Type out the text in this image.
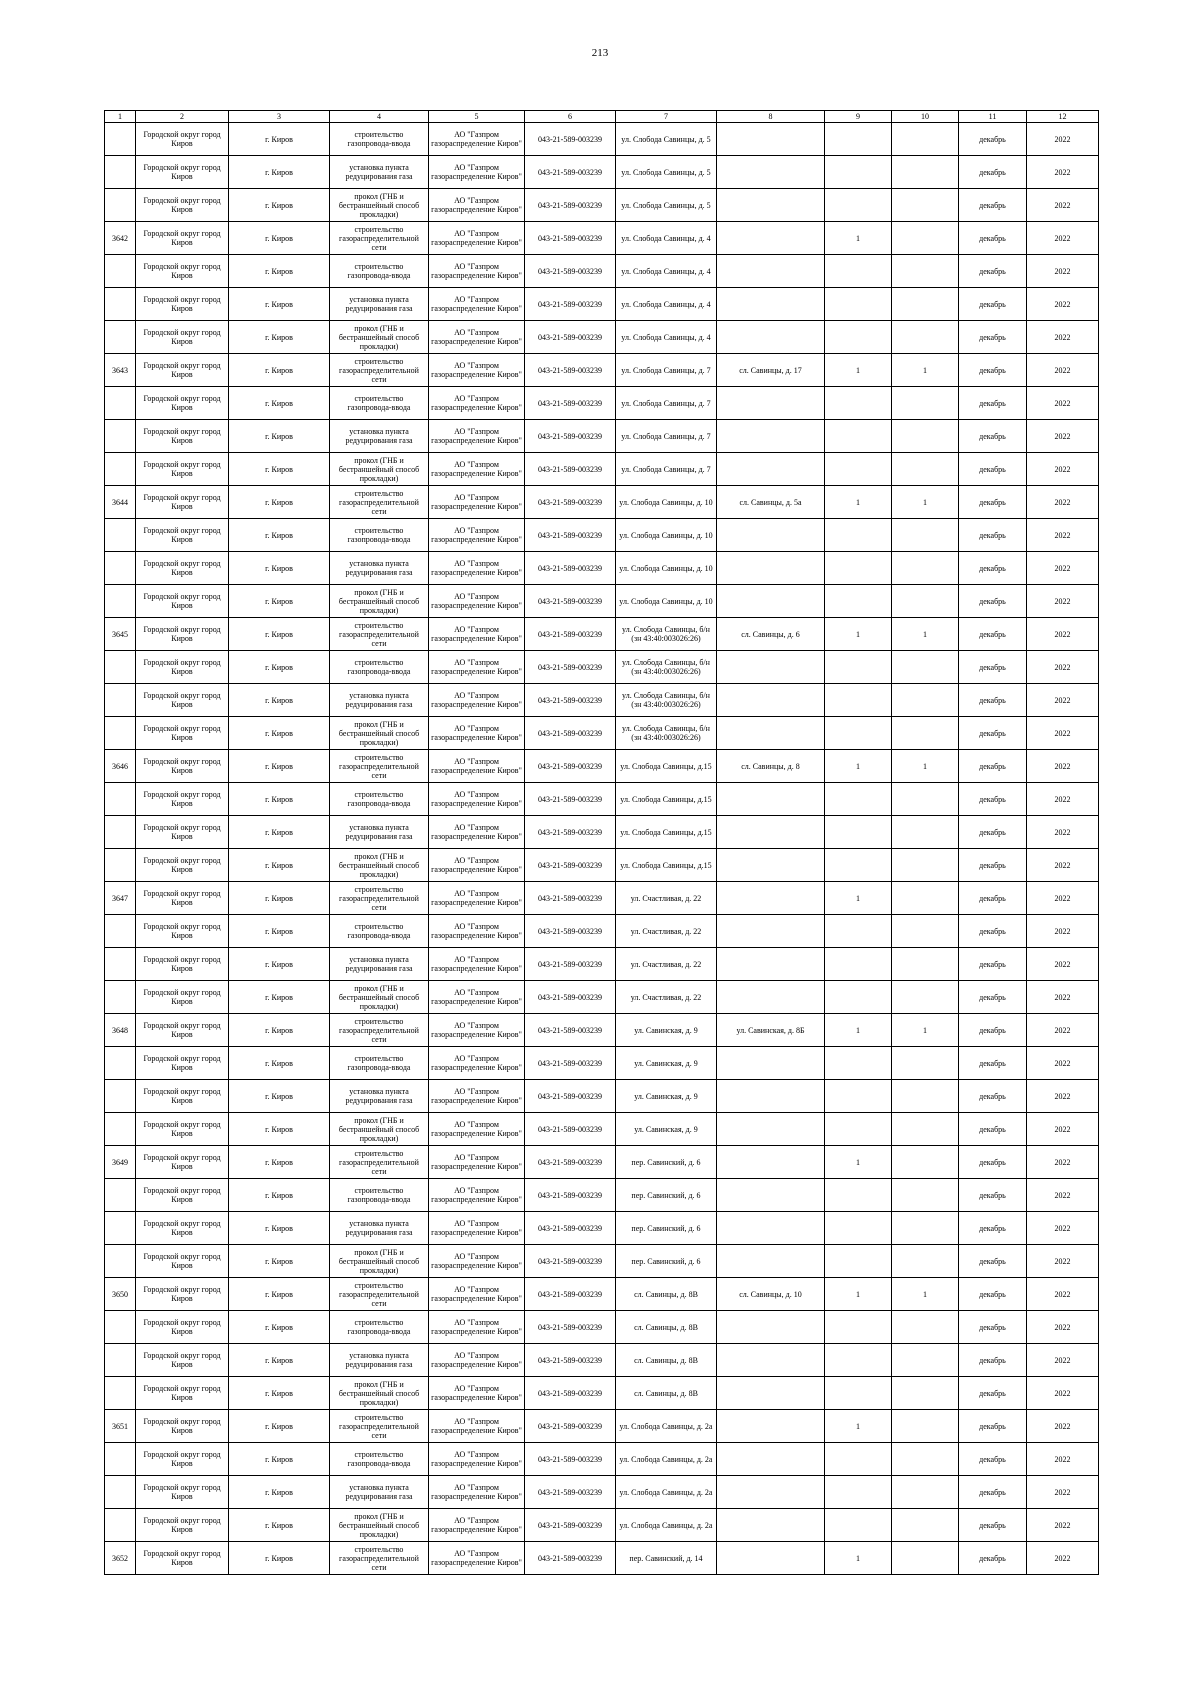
213
1	2	3	4	5	6	7	8	9	10	11	12
	Городской округ город Киров	г. Киров	строительство газопровода-ввода	АО "Газпром газораспределение Киров"	043-21-589-003239	ул. Слобода Савинцы, д. 5				декабрь	2022
	Городской округ город Киров	г. Киров	установка пункта редуцирования газа	АО "Газпром газораспределение Киров"	043-21-589-003239	ул. Слобода Савинцы, д. 5				декабрь	2022
	Городской округ город Киров	г. Киров	прокол (ГНБ и бестраншейный способ прокладки)	АО "Газпром газораспределение Киров"	043-21-589-003239	ул. Слобода Савинцы, д. 5				декабрь	2022
3642	Городской округ город Киров	г. Киров	строительство газораспределительной сети	АО "Газпром газораспределение Киров"	043-21-589-003239	ул. Слобода Савинцы, д. 4		1		декабрь	2022
	Городской округ город Киров	г. Киров	строительство газопровода-ввода	АО "Газпром газораспределение Киров"	043-21-589-003239	ул. Слобода Савинцы, д. 4				декабрь	2022
	Городской округ город Киров	г. Киров	установка пункта редуцирования газа	АО "Газпром газораспределение Киров"	043-21-589-003239	ул. Слобода Савинцы, д. 4				декабрь	2022
	Городской округ город Киров	г. Киров	прокол (ГНБ и бестраншейный способ прокладки)	АО "Газпром газораспределение Киров"	043-21-589-003239	ул. Слобода Савинцы, д. 4				декабрь	2022
3643	Городской округ город Киров	г. Киров	строительство газораспределительной сети	АО "Газпром газораспределение Киров"	043-21-589-003239	ул. Слобода Савинцы, д. 7	сл. Савинцы, д. 17	1	1	декабрь	2022
	Городской округ город Киров	г. Киров	строительство газопровода-ввода	АО "Газпром газораспределение Киров"	043-21-589-003239	ул. Слобода Савинцы, д. 7				декабрь	2022
	Городской округ город Киров	г. Киров	установка пункта редуцирования газа	АО "Газпром газораспределение Киров"	043-21-589-003239	ул. Слобода Савинцы, д. 7				декабрь	2022
	Городской округ город Киров	г. Киров	прокол (ГНБ и бестраншейный способ прокладки)	АО "Газпром газораспределение Киров"	043-21-589-003239	ул. Слобода Савинцы, д. 7				декабрь	2022
3644	Городской округ город Киров	г. Киров	строительство газораспределительной сети	АО "Газпром газораспределение Киров"	043-21-589-003239	ул. Слобода Савинцы, д. 10	сл. Савинцы, д. 5а	1	1	декабрь	2022
	Городской округ город Киров	г. Киров	строительство газопровода-ввода	АО "Газпром газораспределение Киров"	043-21-589-003239	ул. Слобода Савинцы, д. 10				декабрь	2022
	Городской округ город Киров	г. Киров	установка пункта редуцирования газа	АО "Газпром газораспределение Киров"	043-21-589-003239	ул. Слобода Савинцы, д. 10				декабрь	2022
	Городской округ город Киров	г. Киров	прокол (ГНБ и бестраншейный способ прокладки)	АО "Газпром газораспределение Киров"	043-21-589-003239	ул. Слобода Савинцы, д. 10				декабрь	2022
3645	Городской округ город Киров	г. Киров	строительство газораспределительной сети	АО "Газпром газораспределение Киров"	043-21-589-003239	ул. Слобода Савинцы, б/н (зн 43:40:003026:26)	сл. Савинцы, д. 6	1	1	декабрь	2022
	Городской округ город Киров	г. Киров	строительство газопровода-ввода	АО "Газпром газораспределение Киров"	043-21-589-003239	ул. Слобода Савинцы, б/н (зн 43:40:003026:26)				декабрь	2022
	Городской округ город Киров	г. Киров	установка пункта редуцирования газа	АО "Газпром газораспределение Киров"	043-21-589-003239	ул. Слобода Савинцы, б/н (зн 43:40:003026:26)				декабрь	2022
	Городской округ город Киров	г. Киров	прокол (ГНБ и бестраншейный способ прокладки)	АО "Газпром газораспределение Киров"	043-21-589-003239	ул. Слобода Савинцы, б/н (зн 43:40:003026:26)				декабрь	2022
3646	Городской округ город Киров	г. Киров	строительство газораспределительной сети	АО "Газпром газораспределение Киров"	043-21-589-003239	ул. Слобода Савинцы, д.15	сл. Савинцы, д. 8	1	1	декабрь	2022
	Городской округ город Киров	г. Киров	строительство газопровода-ввода	АО "Газпром газораспределение Киров"	043-21-589-003239	ул. Слобода Савинцы, д.15				декабрь	2022
	Городской округ город Киров	г. Киров	установка пункта редуцирования газа	АО "Газпром газораспределение Киров"	043-21-589-003239	ул. Слобода Савинцы, д.15				декабрь	2022
	Городской округ город Киров	г. Киров	прокол (ГНБ и бестраншейный способ прокладки)	АО "Газпром газораспределение Киров"	043-21-589-003239	ул. Слобода Савинцы, д.15				декабрь	2022
3647	Городской округ город Киров	г. Киров	строительство газораспределительной сети	АО "Газпром газораспределение Киров"	043-21-589-003239	ул. Счастливая, д. 22		1		декабрь	2022
	Городской округ город Киров	г. Киров	строительство газопровода-ввода	АО "Газпром газораспределение Киров"	043-21-589-003239	ул. Счастливая, д. 22				декабрь	2022
	Городской округ город Киров	г. Киров	установка пункта редуцирования газа	АО "Газпром газораспределение Киров"	043-21-589-003239	ул. Счастливая, д. 22				декабрь	2022
	Городской округ город Киров	г. Киров	прокол (ГНБ и бестраншейный способ прокладки)	АО "Газпром газораспределение Киров"	043-21-589-003239	ул. Счастливая, д. 22				декабрь	2022
3648	Городской округ город Киров	г. Киров	строительство газораспределительной сети	АО "Газпром газораспределение Киров"	043-21-589-003239	ул. Савинская, д. 9	ул. Савинская, д. 8Б	1	1	декабрь	2022
	Городской округ город Киров	г. Киров	строительство газопровода-ввода	АО "Газпром газораспределение Киров"	043-21-589-003239	ул. Савинская, д. 9				декабрь	2022
	Городской округ город Киров	г. Киров	установка пункта редуцирования газа	АО "Газпром газораспределение Киров"	043-21-589-003239	ул. Савинская, д. 9				декабрь	2022
	Городской округ город Киров	г. Киров	прокол (ГНБ и бестраншейный способ прокладки)	АО "Газпром газораспределение Киров"	043-21-589-003239	ул. Савинская, д. 9				декабрь	2022
3649	Городской округ город Киров	г. Киров	строительство газораспределительной сети	АО "Газпром газораспределение Киров"	043-21-589-003239	пер. Савинский, д. 6		1		декабрь	2022
	Городской округ город Киров	г. Киров	строительство газопровода-ввода	АО "Газпром газораспределение Киров"	043-21-589-003239	пер. Савинский, д. 6				декабрь	2022
	Городской округ город Киров	г. Киров	установка пункта редуцирования газа	АО "Газпром газораспределение Киров"	043-21-589-003239	пер. Савинский, д. 6				декабрь	2022
	Городской округ город Киров	г. Киров	прокол (ГНБ и бестраншейный способ прокладки)	АО "Газпром газораспределение Киров"	043-21-589-003239	пер. Савинский, д. 6				декабрь	2022
3650	Городской округ город Киров	г. Киров	строительство газораспределительной сети	АО "Газпром газораспределение Киров"	043-21-589-003239	сл. Савинцы, д. 8В	сл. Савинцы, д. 10	1	1	декабрь	2022
	Городской округ город Киров	г. Киров	строительство газопровода-ввода	АО "Газпром газораспределение Киров"	043-21-589-003239	сл. Савинцы, д. 8В				декабрь	2022
	Городской округ город Киров	г. Киров	установка пункта редуцирования газа	АО "Газпром газораспределение Киров"	043-21-589-003239	сл. Савинцы, д. 8В				декабрь	2022
	Городской округ город Киров	г. Киров	прокол (ГНБ и бестраншейный способ прокладки)	АО "Газпром газораспределение Киров"	043-21-589-003239	сл. Савинцы, д. 8В				декабрь	2022
3651	Городской округ город Киров	г. Киров	строительство газораспределительной сети	АО "Газпром газораспределение Киров"	043-21-589-003239	ул. Слобода Савинцы, д. 2а		1		декабрь	2022
	Городской округ город Киров	г. Киров	строительство газопровода-ввода	АО "Газпром газораспределение Киров"	043-21-589-003239	ул. Слобода Савинцы, д. 2а				декабрь	2022
	Городской округ город Киров	г. Киров	установка пункта редуцирования газа	АО "Газпром газораспределение Киров"	043-21-589-003239	ул. Слобода Савинцы, д. 2а				декабрь	2022
	Городской округ город Киров	г. Киров	прокол (ГНБ и бестраншейный способ прокладки)	АО "Газпром газораспределение Киров"	043-21-589-003239	ул. Слобода Савинцы, д. 2а				декабрь	2022
3652	Городской округ город Киров	г. Киров	строительство газораспределительной сети	АО "Газпром газораспределение Киров"	043-21-589-003239	пер. Савинский, д. 14		1		декабрь	2022
